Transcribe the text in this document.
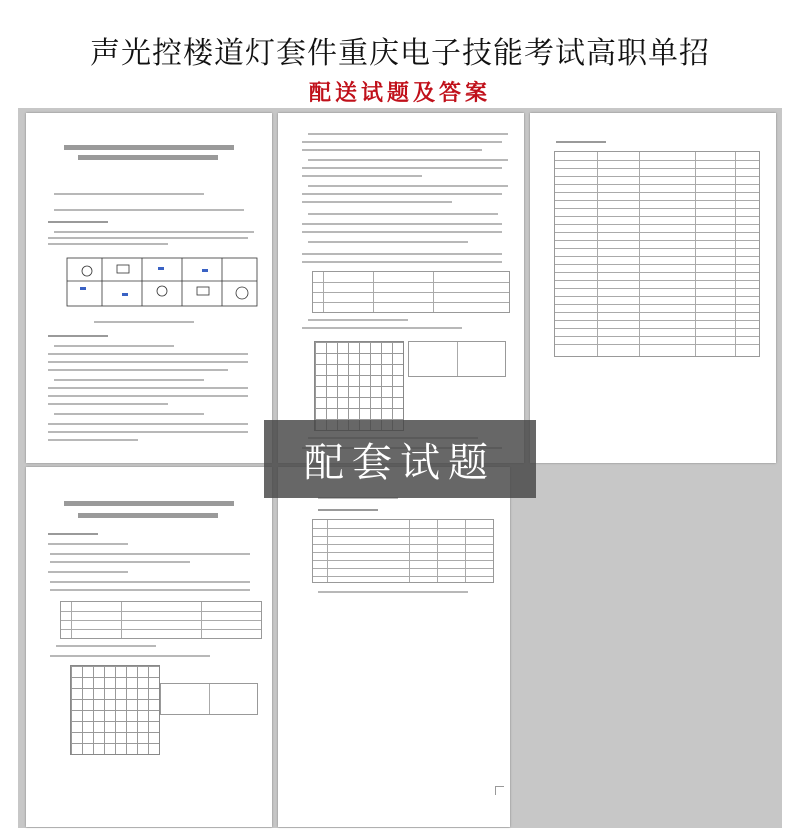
声光控楼道灯套件重庆电子技能考试高职单招
配送试题及答案
配套试题
